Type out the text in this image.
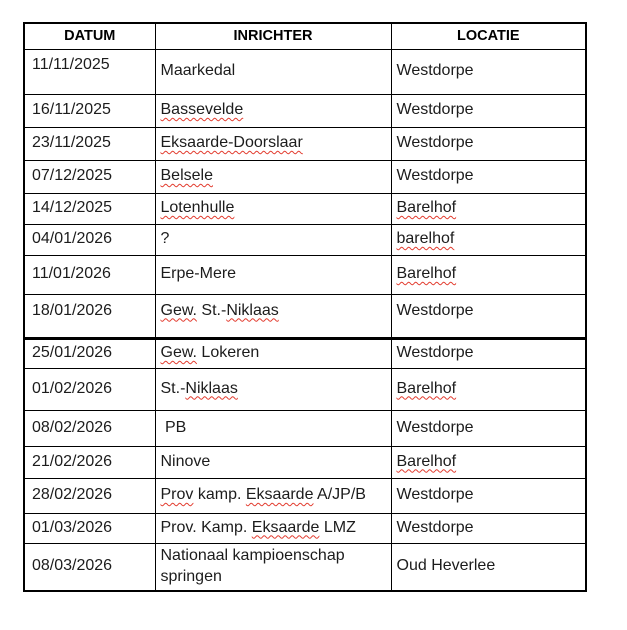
DATUM	INRICHTER	LOCATIE
11/11/2025	Maarkedal	Westdorpe
16/11/2025	Bassevelde	Westdorpe
23/11/2025	Eksaarde-Doorslaar	Westdorpe
07/12/2025	Belsele	Westdorpe
14/12/2025	Lotenhulle	Barelhof
04/01/2026	?	barelhof
11/01/2026	Erpe-Mere	Barelhof
18/01/2026	Gew. St.-Niklaas	Westdorpe
25/01/2026	Gew. Lokeren	Westdorpe
01/02/2026	St.-Niklaas	Barelhof
08/02/2026	PB	Westdorpe
21/02/2026	Ninove	Barelhof
28/02/2026	Prov kamp. Eksaarde A/JP/B	Westdorpe
01/03/2026	Prov. Kamp. Eksaarde LMZ	Westdorpe
08/03/2026	Nationaal kampioenschap springen	Oud Heverlee
